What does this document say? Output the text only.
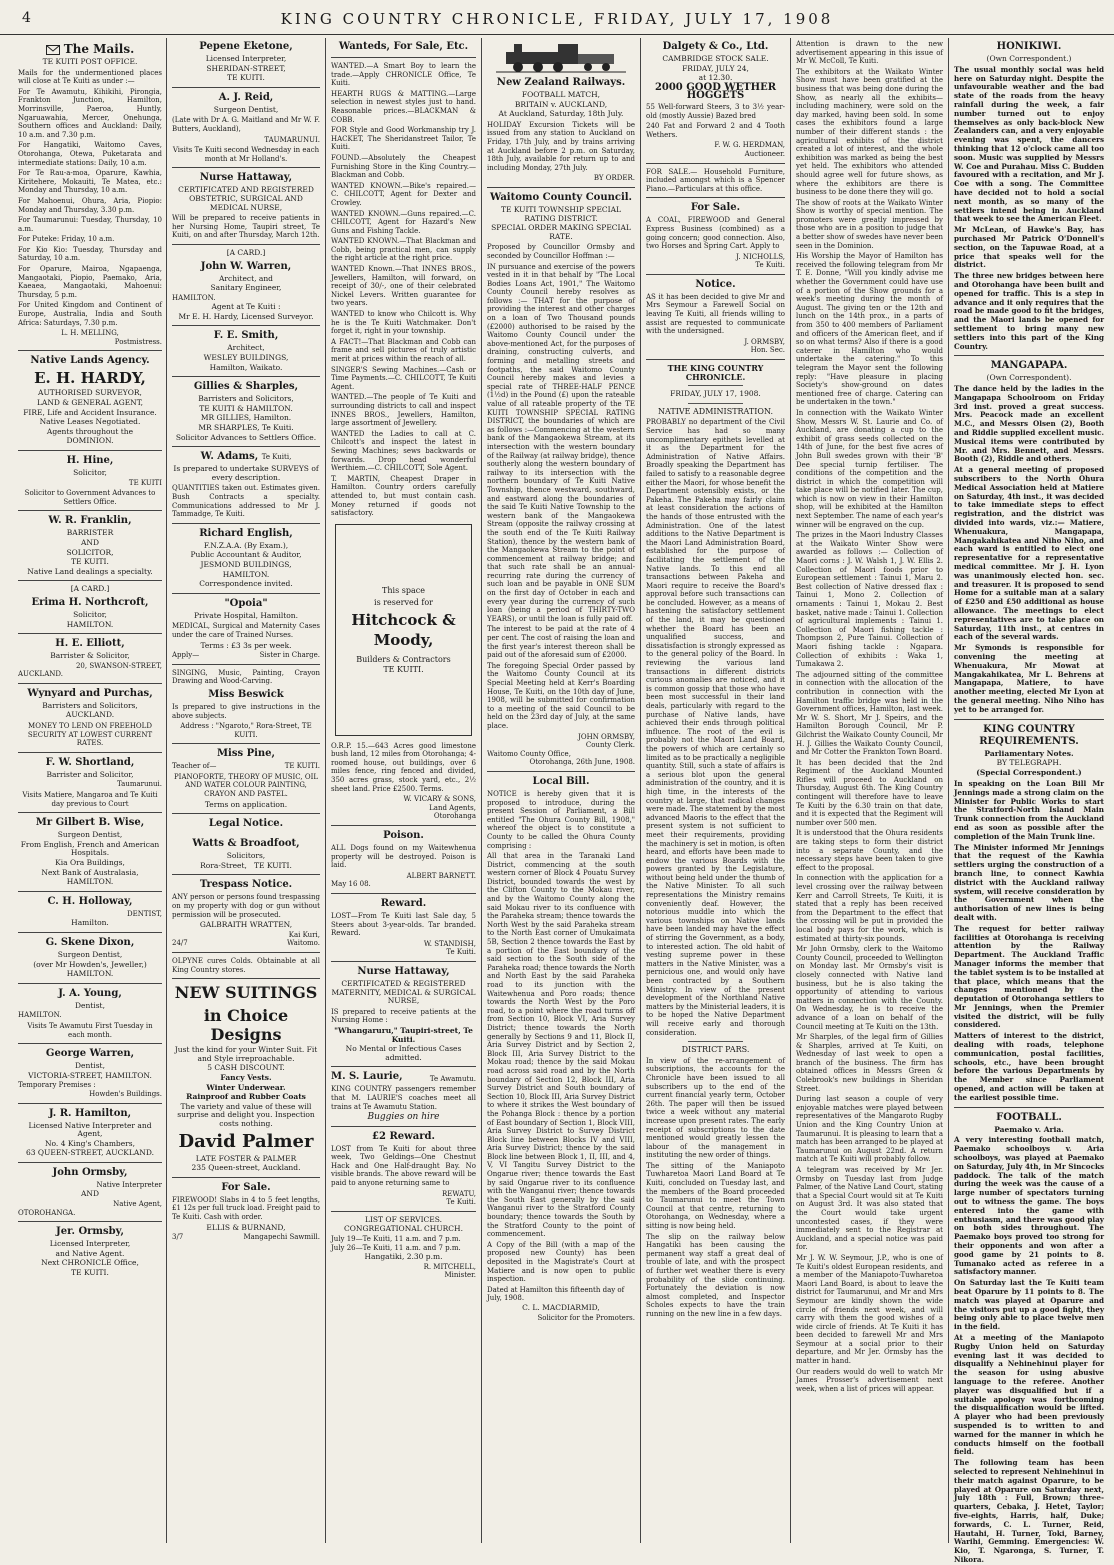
4	KING COUNTRY CHRONICLE, FRIDAY, JULY 17, 1908
The Mails.
TE KUITI POST OFFICE.

Mails for the undermentioned places will close at Te Kuiti as under :—

For Te Awamutu, Kihikihi, Pirongia, Frankton Junction, Hamilton, Morrinsville, Paeroa, Huntly, Ngaruawahia, Mercer, Onehunga, Southern offices and Auckland: Daily, 10 a.m. and 7.30 p.m.

For Hangatiki, Waitomo Caves, Otorohanga, Otewa, Puketarata and intermediate stations: Daily, 10 a.m.

For Te Rau-a-moa, Oparure, Kawhia, Kiritehere, Mokauiti, Te Matea, etc.: Monday and Thursday, 10 a.m.

For Mahoenui, Ohura, Aria, Piopio: Monday and Thursday, 3.30 p.m.

For Taumarunui: Tuesday, Thursday, 10 a.m.

For Puteke: Friday, 10 a.m.

For Kio Kio: Tuesday, Thursday and Saturday, 10 a.m.

For Oparure, Mairoa, Ngapaenga, Mangaotaki, Piopio, Paemako, Aria, Kaeaea, Mangaotaki, Mahoenui: Thursday, 5 p.m.

For United Kingdom and Continent of Europe, Australia, India and South Africa: Saturdays, 7.30 p.m.

L. H. MELLING,
Postmistress.
Native Lands Agency.
E. H. HARDY,
AUTHORISED SURVEYOR,
LAND & GENERAL AGENT,
FIRE, Life and Accident Insurance.
Native Leases Negotiated.
Agents throughout the
DOMINION.
H. Hine,
Solicitor,
TE KUITI

Solicitor to Government Advances to Settlers Office.

W. R. Franklin,
BARRISTER
AND
SOLICITOR,
TE KUITI.
Native Land dealings a specialty.
[A CARD.]
Erima H. Northcroft,
Solicitor,
HAMILTON.
H. E. Elliott,
Barrister & Solicitor,
20, SWANSON-STREET,
AUCKLAND.
Wynyard and Purchas,
Barristers and Solicitors,
AUCKLAND.

MONEY TO LEND ON FREEHOLD SECURITY AT LOWEST CURRENT RATES.

F. W. Shortland,
Barrister and Solicitor,
Taumarunui.

Visits Matiere, Mangaroa and Te Kuiti day previous to Court

Mr Gilbert B. Wise,
Surgeon Dentist,
From English, French and American Hospitals.
Kia Ora Buildings,
Next Bank of Australasia,
HAMILTON.
C. H. Holloway,
DENTIST,
Hamilton.
G. Skene Dixon,
Surgeon Dentist,
(over Mr Howden's, Jeweller,)
HAMILTON.
J. A. Young,
Dentist,
HAMILTON.

Visits Te Awamutu First Tuesday in each month.

George Warren,
Dentist,
VICTORIA-STREET, HAMILTON.
Temporary Premises :
Howden's Buildings.
J. R. Hamilton,
Licensed Native Interpreter and Agent,
No. 4 King's Chambers,
63 QUEEN-STREET, AUCKLAND.
John Ormsby,
Native Interpreter
AND
Native Agent,
OTOROHANGA.
Jer. Ormsby,
Licensed Interpreter,
and Native Agent.
Next CHRONICLE Office,
TE KUITI.
Pepene Eketone,
Licensed Interpreter,
SHERIDAN-STREET,
TE KUITI.
A. J. Reid,
Surgeon Dentist,

(Late with Dr A. G. Maitland and Mr W. F. Butters, Auckland),

TAUMARUNUI.

Visits Te Kuiti second Wednesday in each month at Mr Holland's.

Nurse Hattaway,
CERTIFICATED AND REGISTERED OBSTETRIC, SURGICAL AND MEDICAL NURSE,

Will be prepared to receive patients in her Nursing Home, Taupiri street, Te Kuiti, on and after Thursday, March 12th.

[A CARD.]
John W. Warren,
Architect, and
Sanitary Engineer,
HAMILTON.
Agent at Te Kuiti :
Mr E. H. Hardy, Licensed Surveyor.
F. E. Smith,
Architect,
WESLEY BUILDINGS,
Hamilton, Waikato.
Gillies & Sharples,
Barristers and Solicitors,
TE KUITI & HAMILTON.
MR GILLIES, Hamilton.
MR SHARPLES, Te Kuiti.
Solicitor Advances to Settlers Office.
W. Adams, Te Kuiti,
Is prepared to undertake SURVEYS of every description.

QUANTITIES taken out. Estimates given. Bush Contracts a specialty. Communications addressed to Mr J. Tammadge, Te Kuiti.

Richard English,
F.N.Z.A.A. (By Exam.),
Public Accountant & Auditor,
JESMOND BUILDINGS,
HAMILTON.
Correspondence invited.
"Opoia"
Private Hospital, Hamilton.

MEDICAL, Surgical and Maternity Cases under the care of Trained Nurses.

Terms : £3 3s per week.
Apply—	Sister in Charge.

SINGING, Music, Painting, Crayon Drawing and Wood-Carving.

Miss Beswick

Is prepared to give instructions in the above subjects.

Address : "Ngaroto," Rora-Street, TE KUITI.

Miss Pine,
Teacher of—	TE KUITI.

PIANOFORTE, THEORY OF MUSIC, OIL AND WATER COLOUR PAINTING, CRAYON AND PASTEL.

Terms on application.
Legal Notice.
Watts & Broadfoot,
Solicitors,
Rora-Street, TE KUITI.
Trespass Notice.

ANY person or persons found trespassing on my property with dog or gun without permission will be prosecuted.

GALBRAITH WRATTEN,
Kai Kuri,
24/7	Waitomo.

OLPYNE cures Colds. Obtainable at all King Country stores.

NEW SUITINGS
in Choice Designs
Just the kind for your Winter Suit. Fit and Style irreproachable.
5 CASH DISCOUNT.
Fancy Vests.
Winter Underwear.
Rainproof and Rubber Coats
The variety and value of these will surprise and delight you. Inspection costs nothing.
David Palmer
LATE FOSTER & PALMER
235 Queen-street, Auckland.
For Sale.

FIREWOOD! Slabs in 4 to 5 feet lengths, £1 12s per full truck load. Freight paid to Te Kuiti. Cash with order.

ELLIS & BURNAND,
3/7	Mangapechi Sawmill.
Wanteds, For Sale, Etc.

WANTED.—A Smart Boy to learn the trade.—Apply CHRONICLE Office, Te Kuiti.

HEARTH RUGS & MATTING.—Large selection in newest styles just to hand. Reasonable prices.—BLACKMAN & COBB.

FOR Style and Good Workmanship try J. HACKET, The Sheridanstreet Tailor, Te Kuiti.

FOUND.—Absolutely the Cheapest Furnishing Store in the King Country.—Blackman and Cobb.

WANTED KNOWN.—Bike's repaired.—C. CHILCOTT, Agent for Dexter and Crowley.

WANTED KNOWN.—Guns repaired.—C. CHILCOTT, Agent for Hazard's New Guns and Fishing Tackle.

WANTED KNOWN.—That Blackman and Cobb, being practical men, can supply the right article at the right price.

WANTED Known.—That INNES BROS., Jewellers, Hamilton, will forward, on receipt of 30/-, one of their celebrated Nickel Levers. Written guarantee for two years.

WANTED to know who Chilcott is. Why he is the Te Kuiti Watchmaker. Don't forget it, right in your township.

A FACT!—That Blackman and Cobb can frame and sell pictures of truly artistic merit at prices within the reach of all.

SINGER'S Sewing Machines.—Cash or Time Payments.—C. CHILCOTT, Te Kuiti Agent.

WANTED.—The people of Te Kuiti and surrounding districts to call and inspect INNES BROS., Jewellers, Hamilton, large assortment of Jewellery.

WANTED the Ladies to call at C. Chilcott's and inspect the latest in Sewing Machines; sews backwards or forwards. Drop head wonderful Werthiem.—C. CHILCOTT, Sole Agent.

T. MARTIN, Cheapest Draper in Hamilton. Country orders carefully attended to, but must contain cash. Money returned if goods not satisfactory.

This space
is reserved for
Hitchcock &
Moody,
Builders & Contractors
TE KUITI.

O.R.P. 15.—643 Acres good limestone bush land, 12 miles from Otorohanga; 4-roomed house, out buildings, over 6 miles fence, ring fenced and divided, 350 acres grass, stock yard, etc., 2½ sheet land. Price £2500. Terms.

W. VICARY & SONS,
Land Agents,
Otorohanga
Poison.

ALL Dogs found on my Waitewhenua property will be destroyed. Poison is laid.

ALBERT BARNETT.
May 16 08.
Reward.

LOST—From Te Kuiti last Sale day, 5 Steers about 3-year-olds. Tar branded. Reward.

W. STANDISH,
Te Kuiti.
Nurse Hattaway,
CERTIFICATED & REGISTERED MATERNITY, MEDICAL & SURGICAL NURSE,

IS prepared to receive patients at the Nursing Home :

"Whangaruru," Taupiri-street, Te Kuiti.
No Mental or Infectious Cases admitted.
M. S. Laurie,	Te Awamutu.

KING COUNTRY passengers remember that M. LAURIE'S coaches meet all trains at Te Awamutu Station.

Buggies on hire
£2 Reward.

LOST from Te Kuiti for about three week, Two Geldings—One Chestnut Hack and One Half-draught Bay. No visible brands. The above reward will be paid to anyone returning same to

REWATU,
Te Kuiti.
LIST OF SERVICES.
CONGREGATIONAL CHURCH.
July 19—Te Kuiti, 11 a.m. and 7 p.m.
July 26—Te Kuiti, 11 a.m. and 7 p.m.
Hangatiki, 2.30 p.m.
R. MITCHELL,
Minister.
New Zealand Railways.
FOOTBALL MATCH,
BRITAIN v. AUCKLAND,
At Auckland, Saturday, 18th July.

HOLIDAY Excursion Tickets will be issued from any station to Auckland on Friday, 17th July, and by trains arriving at Auckland before 2 p.m. on Saturday, 18th July, available for return up to and including Monday, 27th July.

BY ORDER.
Waitomo County Council.
TE KUITI TOWNSHIP SPECIAL RATING DISTRICT.
SPECIAL ORDER MAKING SPECIAL RATE.

Proposed by Councillor Ormsby and seconded by Councillor Hoffman :—

IN pursuance and exercise of the powers vested in it in that behalf by "The Local Bodies Loans Act, 1901," The Waitomo County Council hereby resolves as follows :— THAT for the purpose of providing the interest and other charges on a loan of Two Thousand pounds (£2000) authorised to be raised by the Waitomo County Council under the above-mentioned Act, for the purposes of draining, constructing culverts, and forming and metalling streets and footpaths, the said Waitomo County Council hereby makes and levies a special rate of THREE-HALF PENCE (1½d) in the Pound (£) upon the rateable value of all rateable property of the TE KUITI TOWNSHIP SPECIAL RATING DISTRICT, the boundaries of which are as follows :—Commencing at the western bank of the Mangaokewa Stream, at its intersection with the western boundary of the Railway (at railway bridge), thence southerly along the western boundary of railway to its intersection with the northern boundary of Te Kuiti Native Township, thence westward, southward, and eastward along the boundaries of the said Te Kuiti Native Township to the western bank of the Mangaokewa Stream (opposite the railway crossing at the south end of the Te Kuiti Railway Station), thence by the western bank of the Mangaokewa Stream to the point of commencement at railway bridge; and that such rate shall be an annual-recurring rate during the currency of such loan and be payable in ONE SUM on the first day of October in each and every year during the currency of such loan (being a period of THIRTY-TWO YEARS), or until the loan is fully paid off.

The interest to be paid at the rate of 4 per cent. The cost of raising the loan and the first year's interest thereon shall be paid out of the aforesaid sum of £2000.

The foregoing Special Order passed by the Waitomo County Council at its Special Meeting held at Kerr's Boarding House, Te Kuiti, on the 10th day of June, 1908, will be submitted for confirmation to a meeting of the said Council to be held on the 23rd day of July, at the same place.

JOHN ORMSBY,
County Clerk.
Waitomo County Office,
Otorohanga, 26th June, 1908.
Local Bill.

NOTICE is hereby given that it is proposed to introduce, during the present Session of Parliament, a Bill entitled "The Ohura County Bill, 1908," whereof the object is to constitute a County to be called the Ohura County comprising :

All that area in the Taranaki Land District, commencing at the south western corner of Block 4 Pouatu Survey District, bounded towards the west by the Clifton County to the Mokau river, and by the Waitomo County along the said Mokau river to its confluence with the Paraheka stream; thence towards the North West by the said Paraheka stream to the North East corner of Umukaimata 5B, Section 2 thence towards the East by a portion of the East boundary of the said section to the South side of the Paraheka road; thence towards the North and North East by the said Paraheka road to its junction with the Waitewhenua and Poro roads; thence towards the North West by the Poro road, to a point where the road turns off from Section 10, Block VI, Aria Survey District; thence towards the North generally by Sections 9 and 11, Block II, Aria Survey District and by Section 2, Block III, Aria Survey District to the Mokau road; thence by the said Mokau road across said road and by the North boundary of Section 12, Block III, Aria Survey District and South boundary of Section 10, Block III, Aria Survey District to where it strikes the West boundary of the Pohanga Block : thence by a portion of East boundary of Section 1, Block VIII, Aria Survey District to Survey District Block line between Blocks IV and VIII, Aria Survey District; thence by the said Block line between Block 1, II, III, and 4, V, VI Tangitu Survey District to the Ongarue river; thence towards the East by said Ongarue river to its confluence with the Wanganui river; thence towards the South East generally by the said Wanganui river to the Stratford County boundary; thence towards the South by the Stratford County to the point of commencement.

A Copy of the Bill (with a map of the proposed new County) has been deposited in the Magistrate's Court at Matiere and is now open to public inspection.

Dated at Hamilton this fifteenth day of July, 1908.
C. L. MACDIARMID,
Solicitor for the Promoters.
Dalgety & Co., Ltd.
CAMBRIDGE STOCK SALE.
FRIDAY, JULY 24,
at 12.30.
2000 GOOD WETHER HOGGETS

55 Well-forward Steers, 3 to 3½ year-old (mostly Aussie) Bazed bred

240 Fat and Forward 2 and 4 Tooth Wethers.

F. W. G. HERDMAN,
Auctioneer.

FOR SALE.— Household Furniture, included amongst which is a Spencer Piano.—Particulars at this office.

For Sale.

A COAL, FIREWOOD and General Express Business (combined) as a going concern; good connection. Also, two Horses and Spring Cart. Apply to

J. NICHOLLS,
Te Kuiti.
Notice.

AS it has been decided to give Mr and Mrs Seymour a Farewell Social on leaving Te Kuiti, all friends willing to assist are requested to communicate with the undersigned.

J. ORMSBY,
Hon. Sec.
THE KING COUNTRY CHRONICLE.
FRIDAY, JULY 17, 1908.
NATIVE ADMINISTRATION.

PROBABLY no department of the Civil Service has had so many uncomplimentary epithets levelled at it as the Department for the Administration of Native Affairs. Broadly speaking the Department has failed to satisfy to a reasonable degree either the Maori, for whose benefit the Department ostensibly exists, or the Pakeha. The Pakeha may fairly claim at least consideration the actions of the hands of those entrusted with the Administration. One of the latest additions to the Native Department is the Maori Land Administration Board, established for the purpose of facilitating the settlement of the Native lands. To this end all transactions between Pakeha and Maori require to receive the Board's approval before such transactions can be concluded. However, as a means of hastening the satisfactory settlement of the land, it may be questioned whether the Board has been an unqualified success, and dissatisfaction is strongly expressed as to the general policy of the Board. In reviewing the various land transactions in different districts curious anomalies are noticed, and it is common gossip that those who have been most successful in their land deals, particularly with regard to the purchase of Native lands, have achieved their ends through political influence. The root of the evil is probably not the Maori Land Board, the powers of which are certainly so limited as to be practically a negligible quantity. Still, such a state of affairs is a serious blot upon the general administration of the country, and it is high time, in the interests of the country at large, that radical changes were made. The statement by the most advanced Maoris to the effect that the present system is not sufficient to meet their requirements, providing the machinery is set in motion, is often heard, and efforts have been made to endow the various Boards with the powers granted by the Legislature, without being held under the thumb of the Native Minister. To all such representations the Ministry remains conveniently deaf. However, the notorious muddle into which the various townships on Native lands have been landed may have the effect of stirring the Government, as a body, to interested action. The old habit of vesting supreme power in these matters in the Native Minister, was a pernicious one, and would only have been contracted by a Southern Ministry. In view of the present development of the Northland Native matters by the Ministerial leaders, it is to be hoped the Native Department will receive early and thorough consideration.

DISTRICT PARS.

In view of the re-arrangement of subscriptions, the accounts for the Chronicle have been issued to all subscribers up to the end of the current financial yearly term, October 26th. The paper will then be issued twice a week without any material increase upon present rates. The early receipt of subscriptions to the date mentioned would greatly lessen the labour of the management in instituting the new order of things.

The sitting of the Maniapoto Tuwharetoa Maori Land Board at Te Kuiti, concluded on Tuesday last, and the members of the Board proceeded to Taumarunui to meet the Town Council at that centre, returning to Otorohanga, on Wednesday, where a sitting is now being held.

The slip on the railway below Hangatiki has been causing the permanent way staff a great deal of trouble of late, and with the prospect of further wet weather there is every probability of the slide continuing. Fortunately the deviation is now almost completed, and Inspector Scholes expects to have the train running on the new line in a few days.

Attention is drawn to the new advertisement appearing in this issue of Mr W. McColl, Te Kuiti.

The exhibitors at the Waikato Winter Show must have been gratified at the business that was being done during the Show, as nearly all the exhibits—including machinery, were sold on the day marked, having been sold. In some cases the exhibitors found a large number of their different stands : the agricultural exhibits of the district created a lot of interest, and the whole exhibition was marked as being the best yet held. The exhibitors who attended should agree well for future shows, as where the exhibitors are there is business to be done there they will go.

The show of roots at the Waikato Winter Show is worthy of special mention. The promoters were greatly impressed by those who are in a position to judge that a better show of swedes have never been seen in the Dominion.

His Worship the Mayor of Hamilton has received the following telegram from Mr T. E. Donne, "Will you kindly advise me whether the Government could have use of a portion of the Show grounds for a week's meeting during the month of August. The giving ten or the 12th and lunch on the 14th prox., in a parts of from 350 to 400 members of Parliament and officers of the American fleet, and if so on what terms? Also if there is a good caterer in Hamilton who would undertake the catering." To this telegram the Mayor sent the following reply: "Have pleasure in placing Society's show-ground on dates mentioned free of charge. Catering can be undertaken in the town."

In connection with the Waikato Winter Show, Messrs W. St. Laurie and Co. of Auckland, are donating a cup to the exhibit of grass seeds collected on the 14th of June, for the best five acres of John Bull swedes grown with their 'B' Dee special turnip fertiliser. The conditions of the competition and the district in which the competition will take place will be notified later. The cup, which is now on view in their Hamilton shop, will be exhibited at the Hamilton next September. The name of each year's winner will be engraved on the cup.

The prizes in the Maori Industry Classes at the Waikato Winter Show were awarded as follows :— Collection of Maori corns : J. W. Walsh 1, J. W. Ellis 2. Collection of Maori foods prior to European settlement : Tainui 1, Maru 2. Best collection of Native dressed flax : Tainui 1, Mono 2. Collection of ornaments : Tainui 1, Mokau 2. Best basket, native made : Tainui 1. Collection of agricultural implements : Tainui 1. Collection of Maori fishing tackle : Thompson 2, Pure Tainui. Collection of Maori fishing tackle : Ngapara. Collection of exhibits : Waka 1, Tumakawa 2.

The adjourned sitting of the committee in connection with the allocation of the contribution in connection with the Hamilton traffic bridge was held in the Government offices, Hamilton, last week. Mr W. S. Short, Mr J. Speirs, and the Hamilton Borough Council, Mr P. Gilchrist the Waikato County Council, Mr H. J. Gillies the Waikato County Council, and Mr Cotter the Frankton Town Board.

It has been decided that the 2nd Regiment of the Auckland Mounted Rifles will proceed to Auckland on Thursday, August 6th. The King Country contingent will therefore have to leave Te Kuiti by the 6.30 train on that date, and it is expected that the Regiment will number over 500 men.

It is understood that the Ohura residents are taking steps to form their district into a separate County, and the necessary steps have been taken to give effect to the proposal.

In connection with the application for a level crossing over the railway between Kerr and Carroll Streets, Te Kuiti, it is stated that a reply has been received from the Department to the effect that the crossing will be put in provided the local body pays for the work, which is estimated at thirty-six pounds.

Mr John Ormsby, clerk to the Waitomo County Council, proceeded to Wellington on Monday last. Mr Ormsby's visit is closely connected with Native land business, but he is also taking the opportunity of attending to various matters in connection with the County. On Wednesday, he is to receive the advance of a loan on behalf of the Council meeting at Te Kuiti on the 13th.

Mr Sharples, of the legal firm of Gillies & Sharples, arrived at Te Kuiti, on Wednesday of last week to open a branch of the business. The firm has obtained offices in Messrs Green & Colebrook's new buildings in Sheridan Street.

During last season a couple of very enjoyable matches were played between representatives of the Mangaroto Rugby Union and the King Country Union at Taumarunui. It is pleasing to learn that a match has been arranged to be played at Taumarunui on August 22nd. A return match at Te Kuiti will probably follow.

A telegram was received by Mr Jer. Ormsby on Tuesday last from Judge Palmer, of the Native Land Court, stating that a Special Court would sit at Te Kuiti on August 3rd. It was also stated that the Court would take urgent uncontested cases, if they were immediately sent to the Registrar at Auckland, and a special notice was paid for.

Mr J. W. W. Seymour, J.P., who is one of Te Kuiti's oldest European residents, and a member of the Maniapoto-Tuwharetoa Maori Land Board, is about to leave the district for Taumarunui, and Mr and Mrs Seymour are kindly shown the wide circle of friends next week, and will carry with them the good wishes of a wide circle of friends. At Te Kuiti it has been decided to farewell Mr and Mrs Seymour at a social prior to their departure, and Mr Jer. Ormsby has the matter in hand.

Our readers would do well to watch Mr James Prosser's advertisement next week, when a list of prices will appear.

HONIKIWI.
(Own Correspondent.)

The usual monthly social was held here on Saturday night. Despite the unfavourable weather and the bad state of the roads from the heavy rainfall during the week, a fair number turned out to enjoy themselves as only back-block New Zealanders can, and a very enjoyable evening was spent, the dancers thinking that 12 o'clock came all too soon. Music was supplied by Messrs W. Coe and Purahau. Miss C. Budden favoured with a recitation, and Mr J. Coe with a song. The Committee have decided not to hold a social next month, as so many of the settlers intend being in Auckland that week to see the American Fleet.

Mr McLean, of Hawke's Bay, has purchased Mr Patrick O'Donnell's section, on the Tapuwae Road, at a price that speaks well for the district.

The three new bridges between here and Otorohanga have been built and opened for traffic. This is a step in advance and it only requires that the road be made good to fit the bridges, and the Maori lands be opened for settlement to bring many new settlers into this part of the King Country.

MANGAPAPA.
(Own Correspondent).

The dance held by the ladies in the Mangapapa Schoolroom on Friday 3rd inst. proved a great success. Mrs. Peacock made an excellent M.C., and Messrs Olsen (2), Booth and Riddle supplied excellent music. Musical items were contributed by Mr. and Mrs. Bennett, and Messrs. Booth (2), Riddle and others.

At a general meeting of proposed subscribers to the North Ohura Medical Association held at Matiere on Saturday, 4th inst., it was decided to take immediate steps to effect registration, and the district was divided into wards, viz.:— Matiere, Whenuakura, Mangapapa, Mangakahikatea and Niho Niho, and each ward is entitled to elect one representative for a representative medical committee. Mr J. H. Lyon was unanimously elected hon. sec. and treasurer. It is proposed to send Home for a suitable man at a salary of £250 and £50 additional as house allowance. The meetings to elect representatives are to take place on Saturday, 11th inst., at centres in each of the several wards.

Mr Symonds is responsible for convening the meeting at Whenuakura, Mr Mowat at Mangakahikatea, Mr L. Behrens at Mangapapa, Matiere, to have another meeting, elected Mr Lyon at the general meeting. Niho Niho has yet to be arranged for.

KING COUNTRY REQUIREMENTS.
Parliamentary Notes.
BY TELEGRAPH.
(Special Correspondent.)

In speaking on the Loan Bill Mr Jennings made a strong claim on the Minister for Public Works to start the Stratford-North Island Main Trunk connection from the Auckland end as soon as possible after the completion of the Main Trunk line.

The Minister informed Mr Jennings that the request of the Kawhia settlers urging the construction of a branch line, to connect Kawhia district with the Auckland railway system, will receive consideration by the Government when the authorisation of new lines is being dealt with.

The request for better railway facilities at Otorohanga is receiving attention by the Railway Department. The Auckland Traffic Manager informs the member that the tablet system is to be installed at that place, which means that the changes mentioned by the deputation of Otorohanga settlers to Mr Jennings, when the Premier visited the district, will be fully considered.

Matters of interest to the district, dealing with roads, telephone communication, postal facilities, schools, etc., have been brought before the various Departments by the Member since Parliament opened, and action will be taken at the earliest possible time.

FOOTBALL.
Paemako v. Aria.

A very interesting football match, Paemako schoolboys v. Aria schoolboys, was played at Paemako on Saturday, July 4th, in Mr Sincocks paddock. The talk of the match during the week was the cause of a large number of spectators turning out to witness the game. The boys entered into the game with enthusiasm, and there was good play on both sides throughout. The Paemako boys proved too strong for their opponents and won after a good game by 21 points to 8. Tumanako acted as referee in a satisfactory manner.

On Saturday last the Te Kuiti team beat Oparure by 11 points to 8. The match was played at Oparure and the visitors put up a good fight, they being only able to place twelve men in the field.

At a meeting of the Maniapoto Rugby Union held on Saturday evening last it was decided to disqualify a Nehinehinui player for the season for using abusive language to the referee. Another player was disqualified but if a suitable apology was forthcoming the disqualification would be lifted. A player who had been previously suspended is to written to and warned for the manner in which he conducts himself on the football field.

The following team has been selected to represent Nehinehinui in their match against Oparure, to be played at Oparure on Saturday next, July 18th : Full, Brown; three-quarters, Cebaka, J. Hetet, Taylor; five-eights, Harris, half, Duke; forwards, C. L. Turner, Reid, Hautahi, H. Turner, Toki, Barney, Warihi, Gemming. Emergencies: W. Kio, T. Ngaronga, S. Turner, T. Nikora.
